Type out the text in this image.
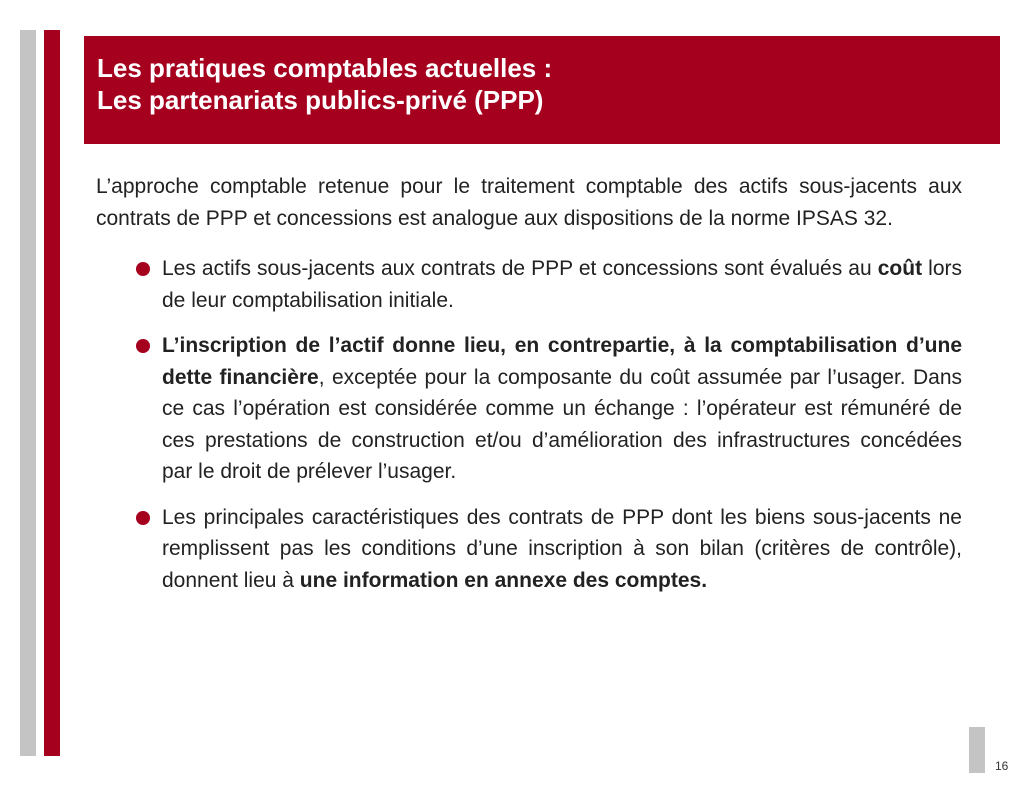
Les pratiques comptables actuelles :
Les partenariats publics-privé (PPP)

L’approche comptable retenue pour le traitement comptable des actifs sous-jacents aux contrats de PPP et concessions est analogue aux dispositions de la norme IPSAS 32.

Les actifs sous-jacents aux contrats de PPP et concessions sont évalués au coût lors de leur comptabilisation initiale.
L’inscription de l’actif donne lieu, en contrepartie, à la comptabilisation d’une dette financière, exceptée pour la composante du coût assumée par l’usager. Dans ce cas l’opération est considérée comme un échange : l’opérateur est rémunéré de ces prestations de construction et/ou d’amélioration des infrastructures concédées par le droit de prélever l’usager.
Les principales caractéristiques des contrats de PPP dont les biens sous-jacents ne remplissent pas les conditions d’une inscription à son bilan (critères de contrôle), donnent lieu à une information en annexe des comptes.
16
